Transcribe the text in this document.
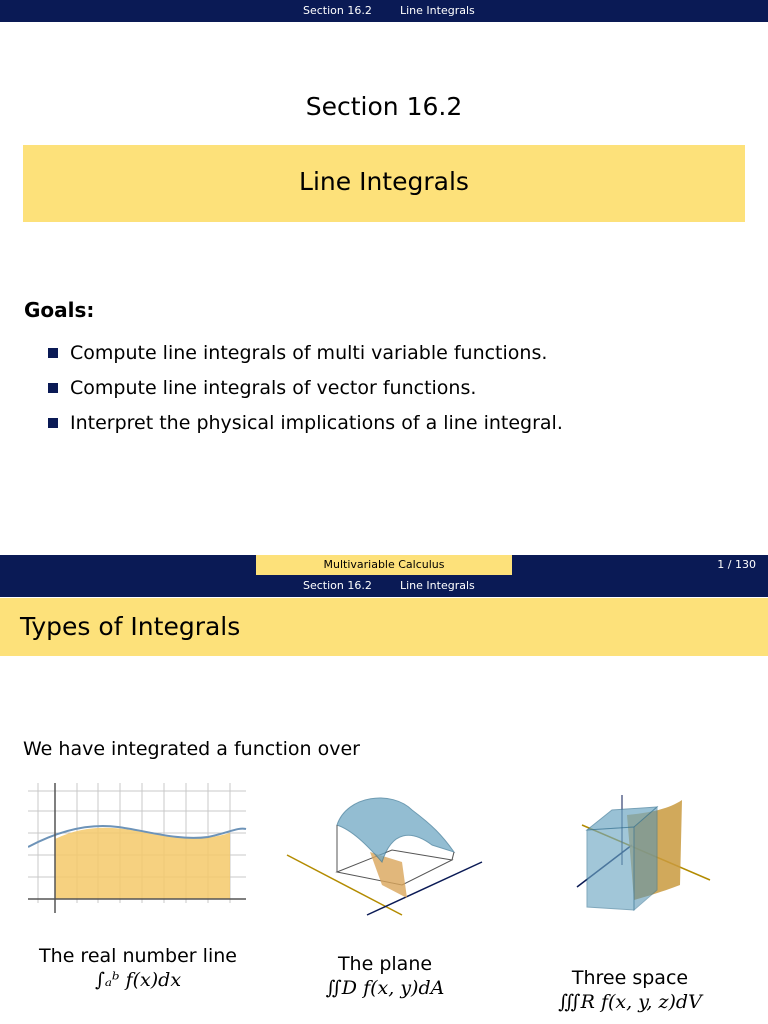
Section 16.2	Line Integrals
Section 16.2
Line Integrals
Goals:
Compute line integrals of multi variable functions.
Compute line integrals of vector functions.
Interpret the physical implications of a line integral.
Multivariable Calculus	1 / 130
Section 16.2	Line Integrals
Types of Integrals
We have integrated a function over
The real number line
∫ₐᵇ f(x)dx
The plane
∬D f(x, y)dA	Three space
∭R f(x, y, z)dV
